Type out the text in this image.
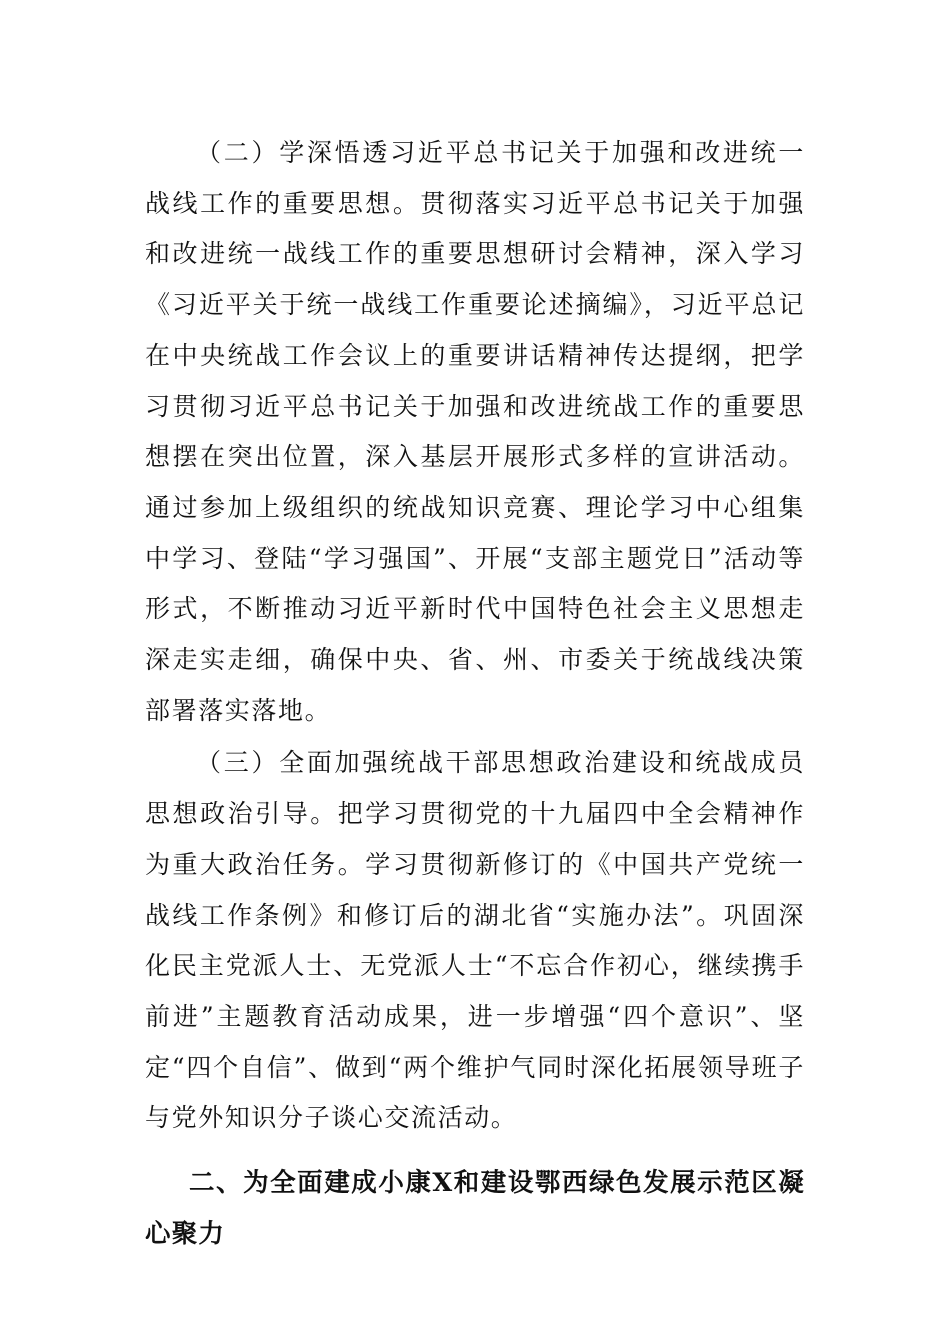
（二）学深悟透习近平总书记关于加强和改进统一战线工作的重要思想。贯彻落实习近平总书记关于加强和改进统一战线工作的重要思想研讨会精神，深入学习《习近平关于统一战线工作重要论述摘编》，习近平总记在中央统战工作会议上的重要讲话精神传达提纲，把学习贯彻习近平总书记关于加强和改进统战工作的重要思想摆在突出位置，深入基层开展形式多样的宣讲活动。通过参加上级组织的统战知识竞赛、理论学习中心组集中学习、登陆“学习强国”、开展“支部主题党日”活动等形式，不断推动习近平新时代中国特色社会主义思想走深走实走细，确保中央、省、州、市委关于统战线决策部署落实落地。

（三）全面加强统战干部思想政治建设和统战成员思想政治引导。把学习贯彻党的十九届四中全会精神作为重大政治任务。学习贯彻新修订的《中国共产党统一战线工作条例》和修订后的湖北省“实施办法”。巩固深化民主党派人士、无党派人士“不忘合作初心，继续携手前进”主题教育活动成果，进一步增强“四个意识”、坚定“四个自信”、做到“两个维护气同时深化拓展领导班子与党外知识分子谈心交流活动。

二、为全面建成小康X和建设鄂西绿色发展示范区凝心聚力
